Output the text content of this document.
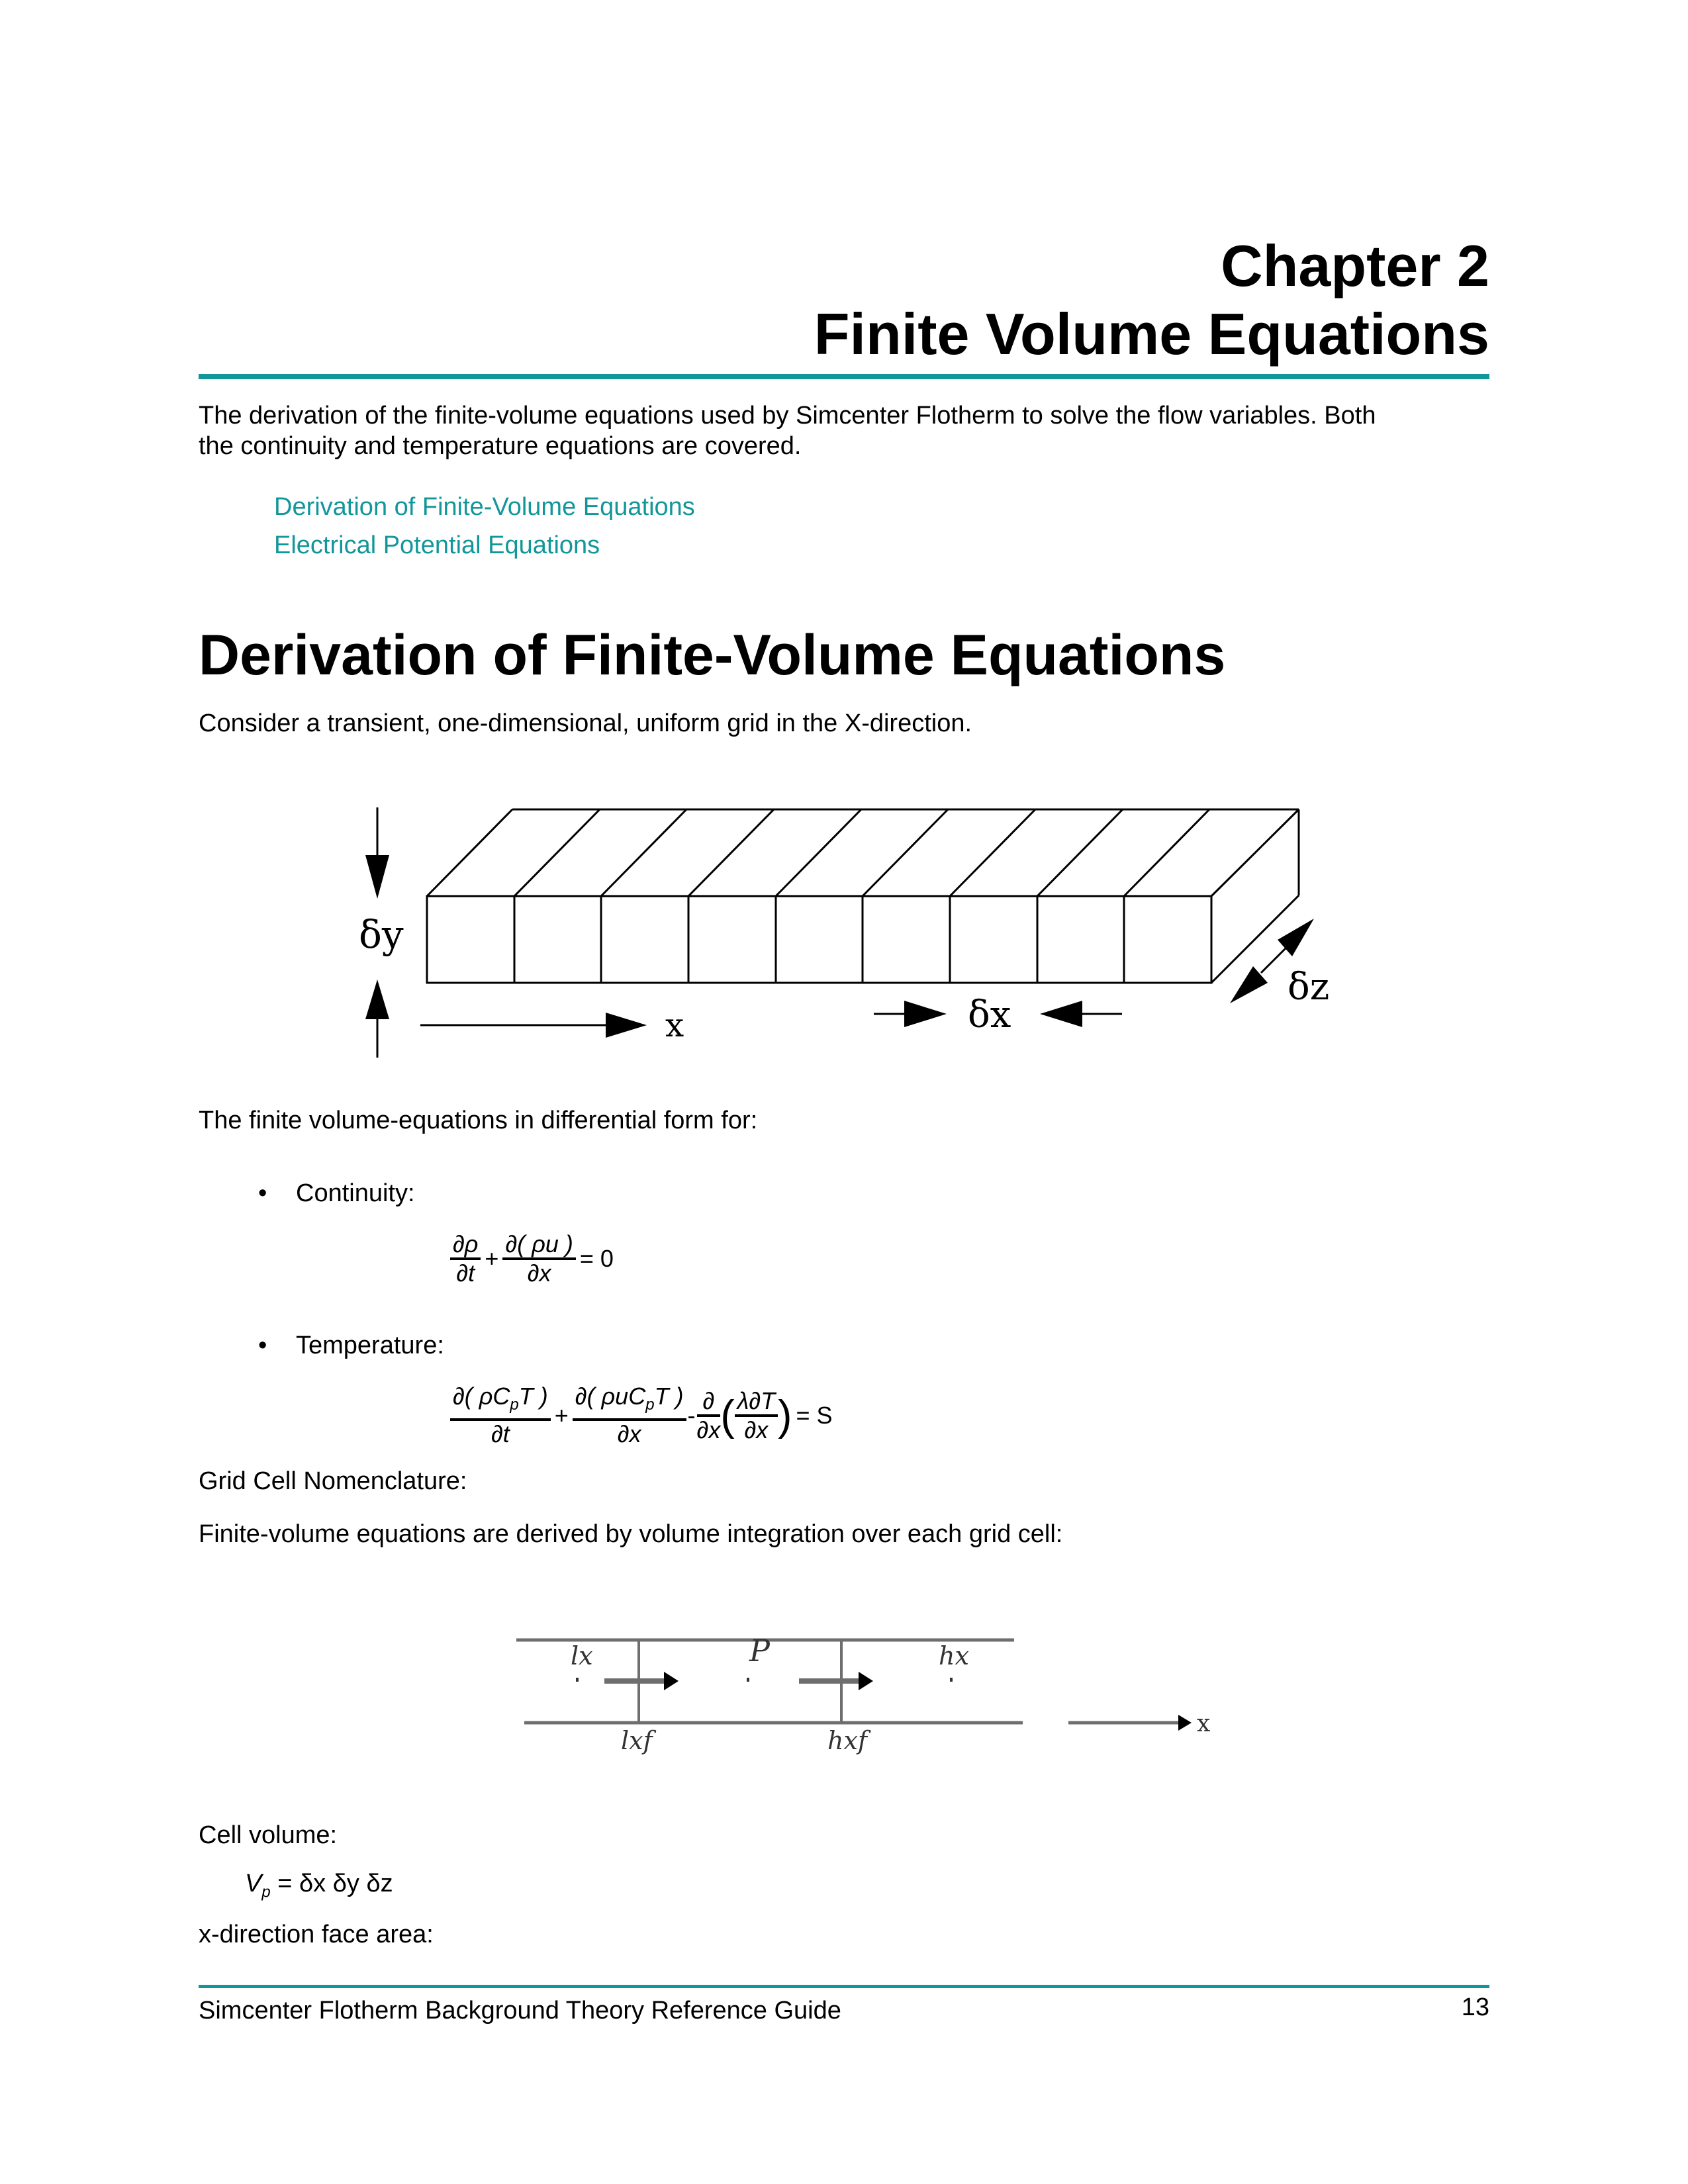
Chapter 2
Finite Volume Equations
The derivation of the finite-volume equations used by Simcenter Flotherm to solve the flow variables. Both
the continuity and temperature equations are covered.
Derivation of Finite-Volume Equations
Electrical Potential Equations
Derivation of Finite-Volume Equations
Consider a transient, one-dimensional, uniform grid in the X-direction.
δy
x	δx
δz
The finite volume-equations in differential form for:
• Continuity:
$\frac{\partial\rho}{\partial t} + \frac{\partial( \rho u )}{\partial x} = 0$
• Temperature:
$\frac{\partial( \rho C_pT )}{\partial t} + \frac{\partial( \rho uC_pT )}{\partial x} - \frac{\partial}{\partial x}$ ( $\frac{\lambda\partial T}{\partial x}$ ) = S
Grid Cell Nomenclature:
Finite-volume equations are derived by volume integration over each grid cell:
lx	P	hx
lxf	hxf
x
Cell volume:
$V_p = \delta x$ δy δz
x-direction face area:
Simcenter Flotherm Background Theory Reference Guide	13
